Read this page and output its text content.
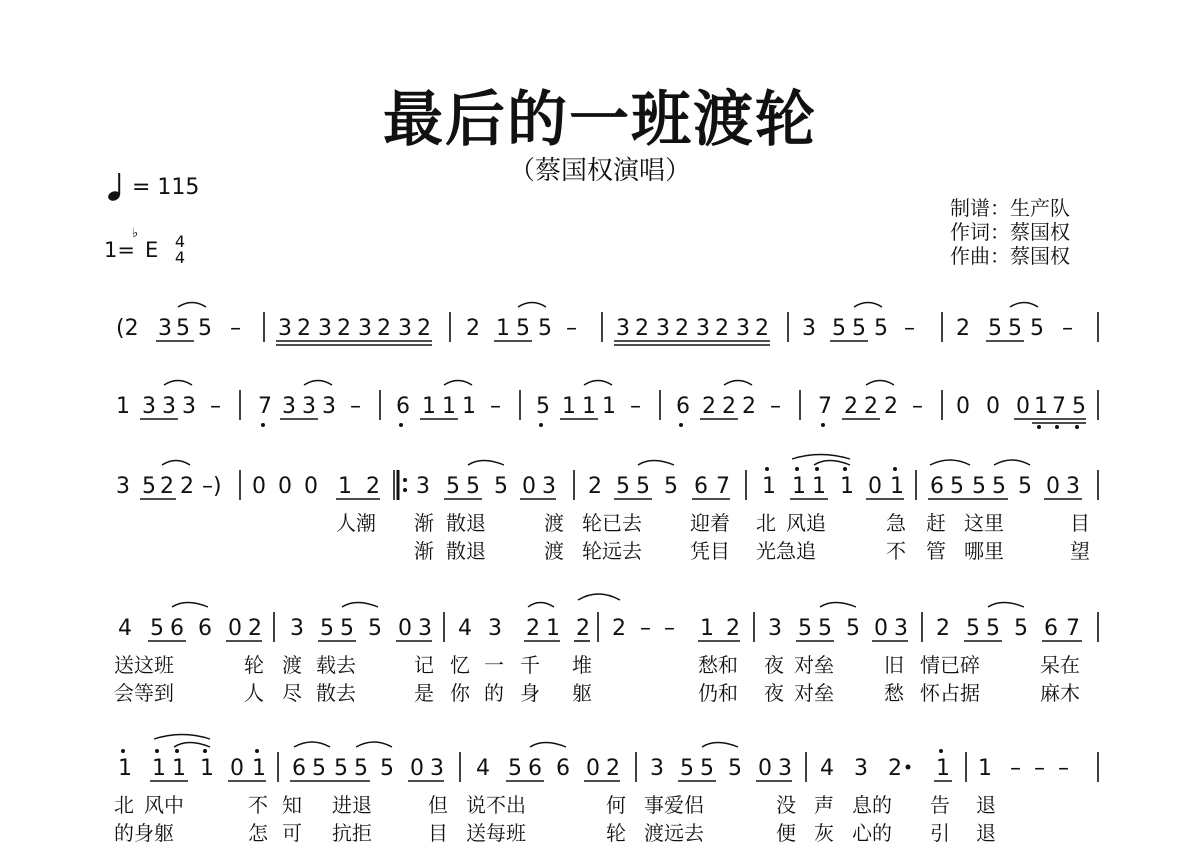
最后的一班渡轮
（蔡国权演唱）
= 115
1= E
♭ 4
4
制谱：生产队
作词：蔡国权
作曲：蔡国权
(2 3 5 5 – 3 2 3 2 3 2 3 2 2 1 5 5 – 3 2 3 2 3 2 3 2 3 5 5 5 – 2 5 5 5 –
1 3 3 3 – 7 3 3 3 – 6 1 1 1 – 5 1 1 1 – 6 2 2 2 – 7 2 2 2 – 0 0 0 1 7 5
3 5 2 2 –) 0 0 0 1 2 3 5 5 5 0 3 2 5 5 5 6 7 1 1 1 1 0 1 6 5 5 5 5 0 3
4 5 6 6 0 2 3 5 5 5 0 3 4 3 2 1 2 2 – – 1 2 3 5 5 5 0 3 2 5 5 5 6 7
1 1 1 1 0 1 6 5 5 5 5 0 3 4 5 6 6 0 2 3 5 5 5 0 3 4 3 2 1 1 – – –
人潮 渐 散退	渡 轮已去 迎着 北 风追	急 赶 这里	目
渐 散退	渡 轮远去 凭目 光急追	不 管 哪里	望
送这班	轮 渡 载去	记 忆 一 千 堆	愁和 夜 对垒	旧 情已碎	呆在
会等到	人 尽 散去	是 你 的 身 躯	仍和 夜 对垒	愁 怀占据	麻木
北 风中	不 知 进退	但 说不出	何 事爱侣	没 声 息的 告 退
的身躯	怎 可 抗拒	目 送每班	轮 渡远去	便 灰 心的 引 退
